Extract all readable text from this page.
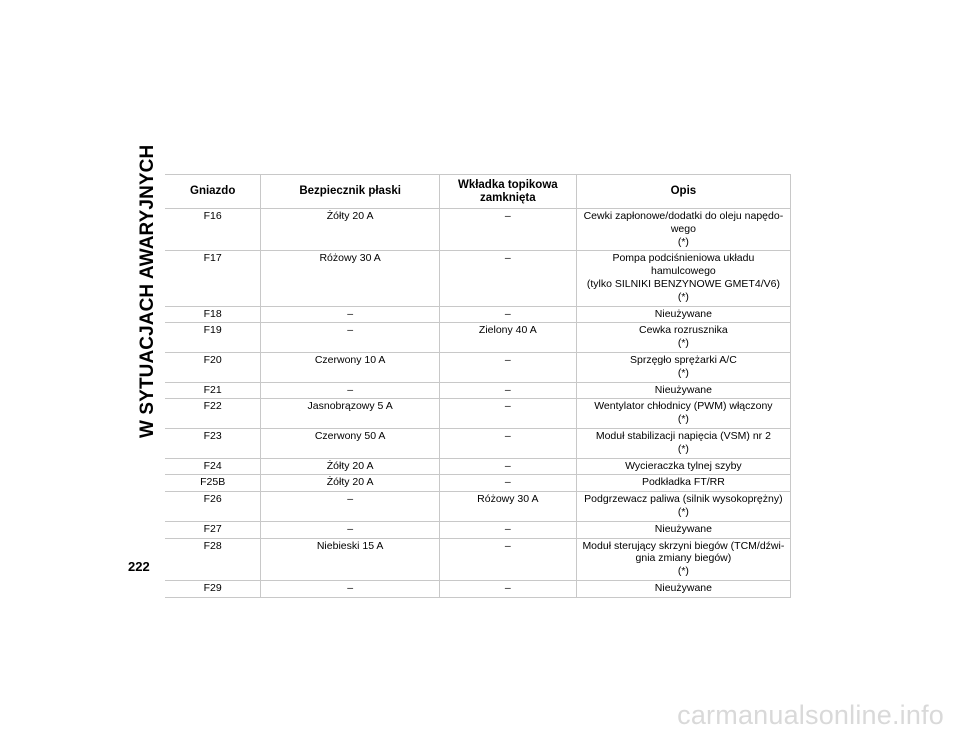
W SYTUACJACH AWARYJNYCH
222
Gniazdo	Bezpiecznik płaski	Wkładka topikowa
zamknięta	Opis
F16	Żółty 20 A	–	Cewki zapłonowe/dodatki do oleju napędo-
wego
(*)
F17	Różowy 30 A	–	Pompa podciśnieniowa układu hamulcowego
(tylko SILNIKI BENZYNOWE GMET4/V6)
(*)
F18	–	–	Nieużywane
F19	–	Zielony 40 A	Cewka rozrusznika
(*)
F20	Czerwony 10 A	–	Sprzęgło sprężarki A/C
(*)
F21	–	–	Nieużywane
F22	Jasnobrązowy 5 A	–	Wentylator chłodnicy (PWM) włączony
(*)
F23	Czerwony 50 A	–	Moduł stabilizacji napięcia (VSM) nr 2
(*)
F24	Żółty 20 A	–	Wycieraczka tylnej szyby
F25B	Żółty 20 A	–	Podkładka FT/RR
F26	–	Różowy 30 A	Podgrzewacz paliwa (silnik wysokoprężny)
(*)
F27	–	–	Nieużywane
F28	Niebieski 15 A	–	Moduł sterujący skrzyni biegów (TCM/dźwi-
gnia zmiany biegów)
(*)
F29	–	–	Nieużywane
carmanualsonline.info
